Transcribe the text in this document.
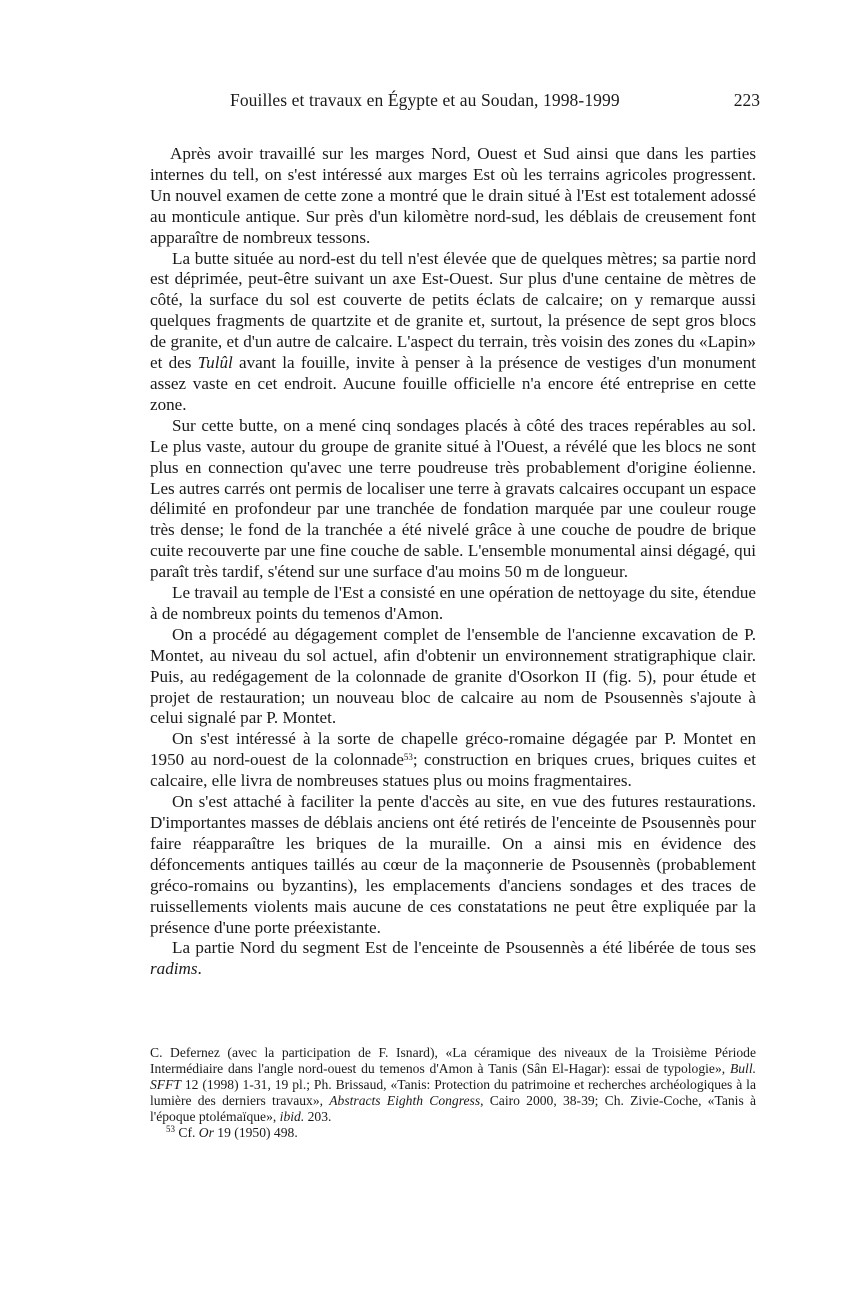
Fouilles et travaux en Égypte et au Soudan, 1998-1999	223

Après avoir travaillé sur les marges Nord, Ouest et Sud ainsi que dans les parties internes du tell, on s'est intéressé aux marges Est où les terrains agricoles progressent. Un nouvel examen de cette zone a montré que le drain situé à l'Est est totalement adossé au monticule antique. Sur près d'un kilomètre nord-sud, les déblais de creusement font apparaître de nombreux tessons.

La butte située au nord-est du tell n'est élevée que de quelques mètres; sa partie nord est déprimée, peut-être suivant un axe Est-Ouest. Sur plus d'une centaine de mètres de côté, la surface du sol est couverte de petits éclats de calcaire; on y remarque aussi quelques fragments de quartzite et de granite et, surtout, la présence de sept gros blocs de granite, et d'un autre de calcaire. L'aspect du terrain, très voisin des zones du «Lapin» et des Tulûl avant la fouille, invite à penser à la présence de vestiges d'un monument assez vaste en cet endroit. Aucune fouille officielle n'a encore été entreprise en cette zone.

Sur cette butte, on a mené cinq sondages placés à côté des traces repérables au sol. Le plus vaste, autour du groupe de granite situé à l'Ouest, a révélé que les blocs ne sont plus en connection qu'avec une terre poudreuse très probablement d'origine éolienne. Les autres carrés ont permis de localiser une terre à gravats calcaires occupant un espace délimité en profondeur par une tranchée de fondation marquée par une couleur rouge très dense; le fond de la tranchée a été nivelé grâce à une couche de poudre de brique cuite recouverte par une fine couche de sable. L'ensemble monumental ainsi dégagé, qui paraît très tardif, s'étend sur une surface d'au moins 50 m de longueur.

Le travail au temple de l'Est a consisté en une opération de nettoyage du site, étendue à de nombreux points du temenos d'Amon.

On a procédé au dégagement complet de l'ensemble de l'ancienne excavation de P. Montet, au niveau du sol actuel, afin d'obtenir un environnement stratigraphique clair. Puis, au redégagement de la colonnade de granite d'Osorkon II (fig. 5), pour étude et projet de restauration; un nouveau bloc de calcaire au nom de Psousennès s'ajoute à celui signalé par P. Montet.

On s'est intéressé à la sorte de chapelle gréco-romaine dégagée par P. Montet en 1950 au nord-ouest de la colonnade$^{53}$; construction en briques crues, briques cuites et calcaire, elle livra de nombreuses statues plus ou moins fragmentaires.

On s'est attaché à faciliter la pente d'accès au site, en vue des futures restaurations. D'importantes masses de déblais anciens ont été retirés de l'enceinte de Psousennès pour faire réapparaître les briques de la muraille. On a ainsi mis en évidence des défoncements antiques taillés au cœur de la maçonnerie de Psousennès (probablement gréco-romains ou byzantins), les emplacements d'anciens sondages et des traces de ruissellements violents mais aucune de ces constatations ne peut être expliquée par la présence d'une porte préexistante.

La partie Nord du segment Est de l'enceinte de Psousennès a été libérée de tous ses radims.

C. Defernez (avec la participation de F. Isnard), «La céramique des niveaux de la Troisième Période Intermédiaire dans l'angle nord-ouest du temenos d'Amon à Tanis (Sân El-Hagar): essai de typologie», Bull. SFFT 12 (1998) 1-31, 19 pl.; Ph. Brissaud, «Tanis: Protection du patrimoine et recherches archéologiques à la lumière des derniers travaux», Abstracts Eighth Congress, Cairo 2000, 38-39; Ch. Zivie-Coche, «Tanis à l'époque ptolémaïque», ibid. 203.

$^{53}$ Cf. Or 19 (1950) 498.
